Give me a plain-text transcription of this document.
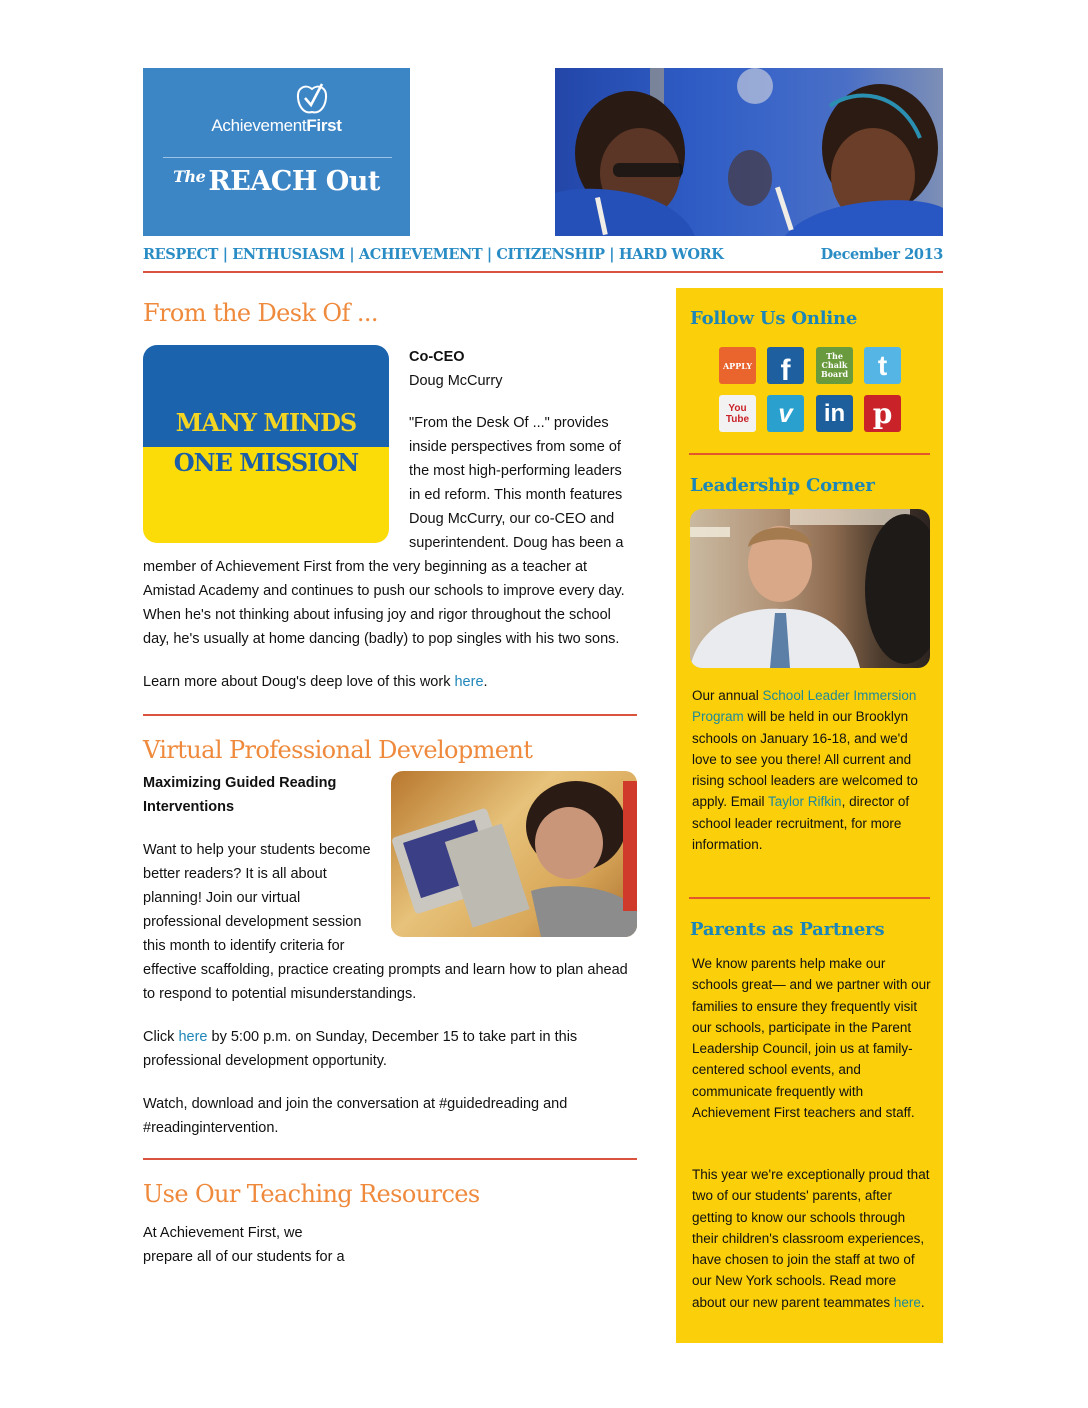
AchievementFirst
$^{The}$ REACH Out
RESPECT | ENTHUSIASM | ACHIEVEMENT | CITIZENSHIP | HARD WORK	December 2013
From the Desk Of ...
MANY MINDS
ONE MISSION
Co-CEO
Doug McCurry

"From the Desk Of ..." provides inside perspectives from some of the most high-performing leaders in ed reform. This month features Doug McCurry, our co-CEO and superintendent. Doug has been a member of Achievement First from the very beginning as a teacher at Amistad Academy and continues to push our schools to improve every day. When he's not thinking about infusing joy and rigor throughout the school day, he's usually at home dancing (badly) to pop singles with his two sons.

Learn more about Doug's deep love of this work here.

Virtual Professional Development
Maximizing Guided Reading Interventions

Want to help your students become better readers? It is all about planning! Join our virtual professional development session this month to identify criteria for effective scaffolding, practice creating prompts and learn how to plan ahead to respond to potential misunderstandings.

Click here by 5:00 p.m. on Sunday, December 15 to take part in this professional development opportunity.

Watch, download and join the conversation at #guidedreading and #readingintervention.

Use Our Teaching Resources
At Achievement First, we
prepare all of our students for a
Follow Us Online
APPLY f	The Chalk Board t
You Tube v in p
Leadership Corner
Our annual School Leader Immersion Program will be held in our Brooklyn schools on January 16-18, and we'd love to see you there! All current and rising school leaders are welcomed to apply. Email Taylor Rifkin, director of school leader recruitment, for more information.
Parents as Partners
We know parents help make our schools great— and we partner with our families to ensure they frequently visit our schools, participate in the Parent Leadership Council, join us at family-centered school events, and communicate frequently with Achievement First teachers and staff.
This year we're exceptionally proud that two of our students' parents, after getting to know our schools through their children's classroom experiences, have chosen to join the staff at two of our New York schools. Read more about our new parent teammates here.
